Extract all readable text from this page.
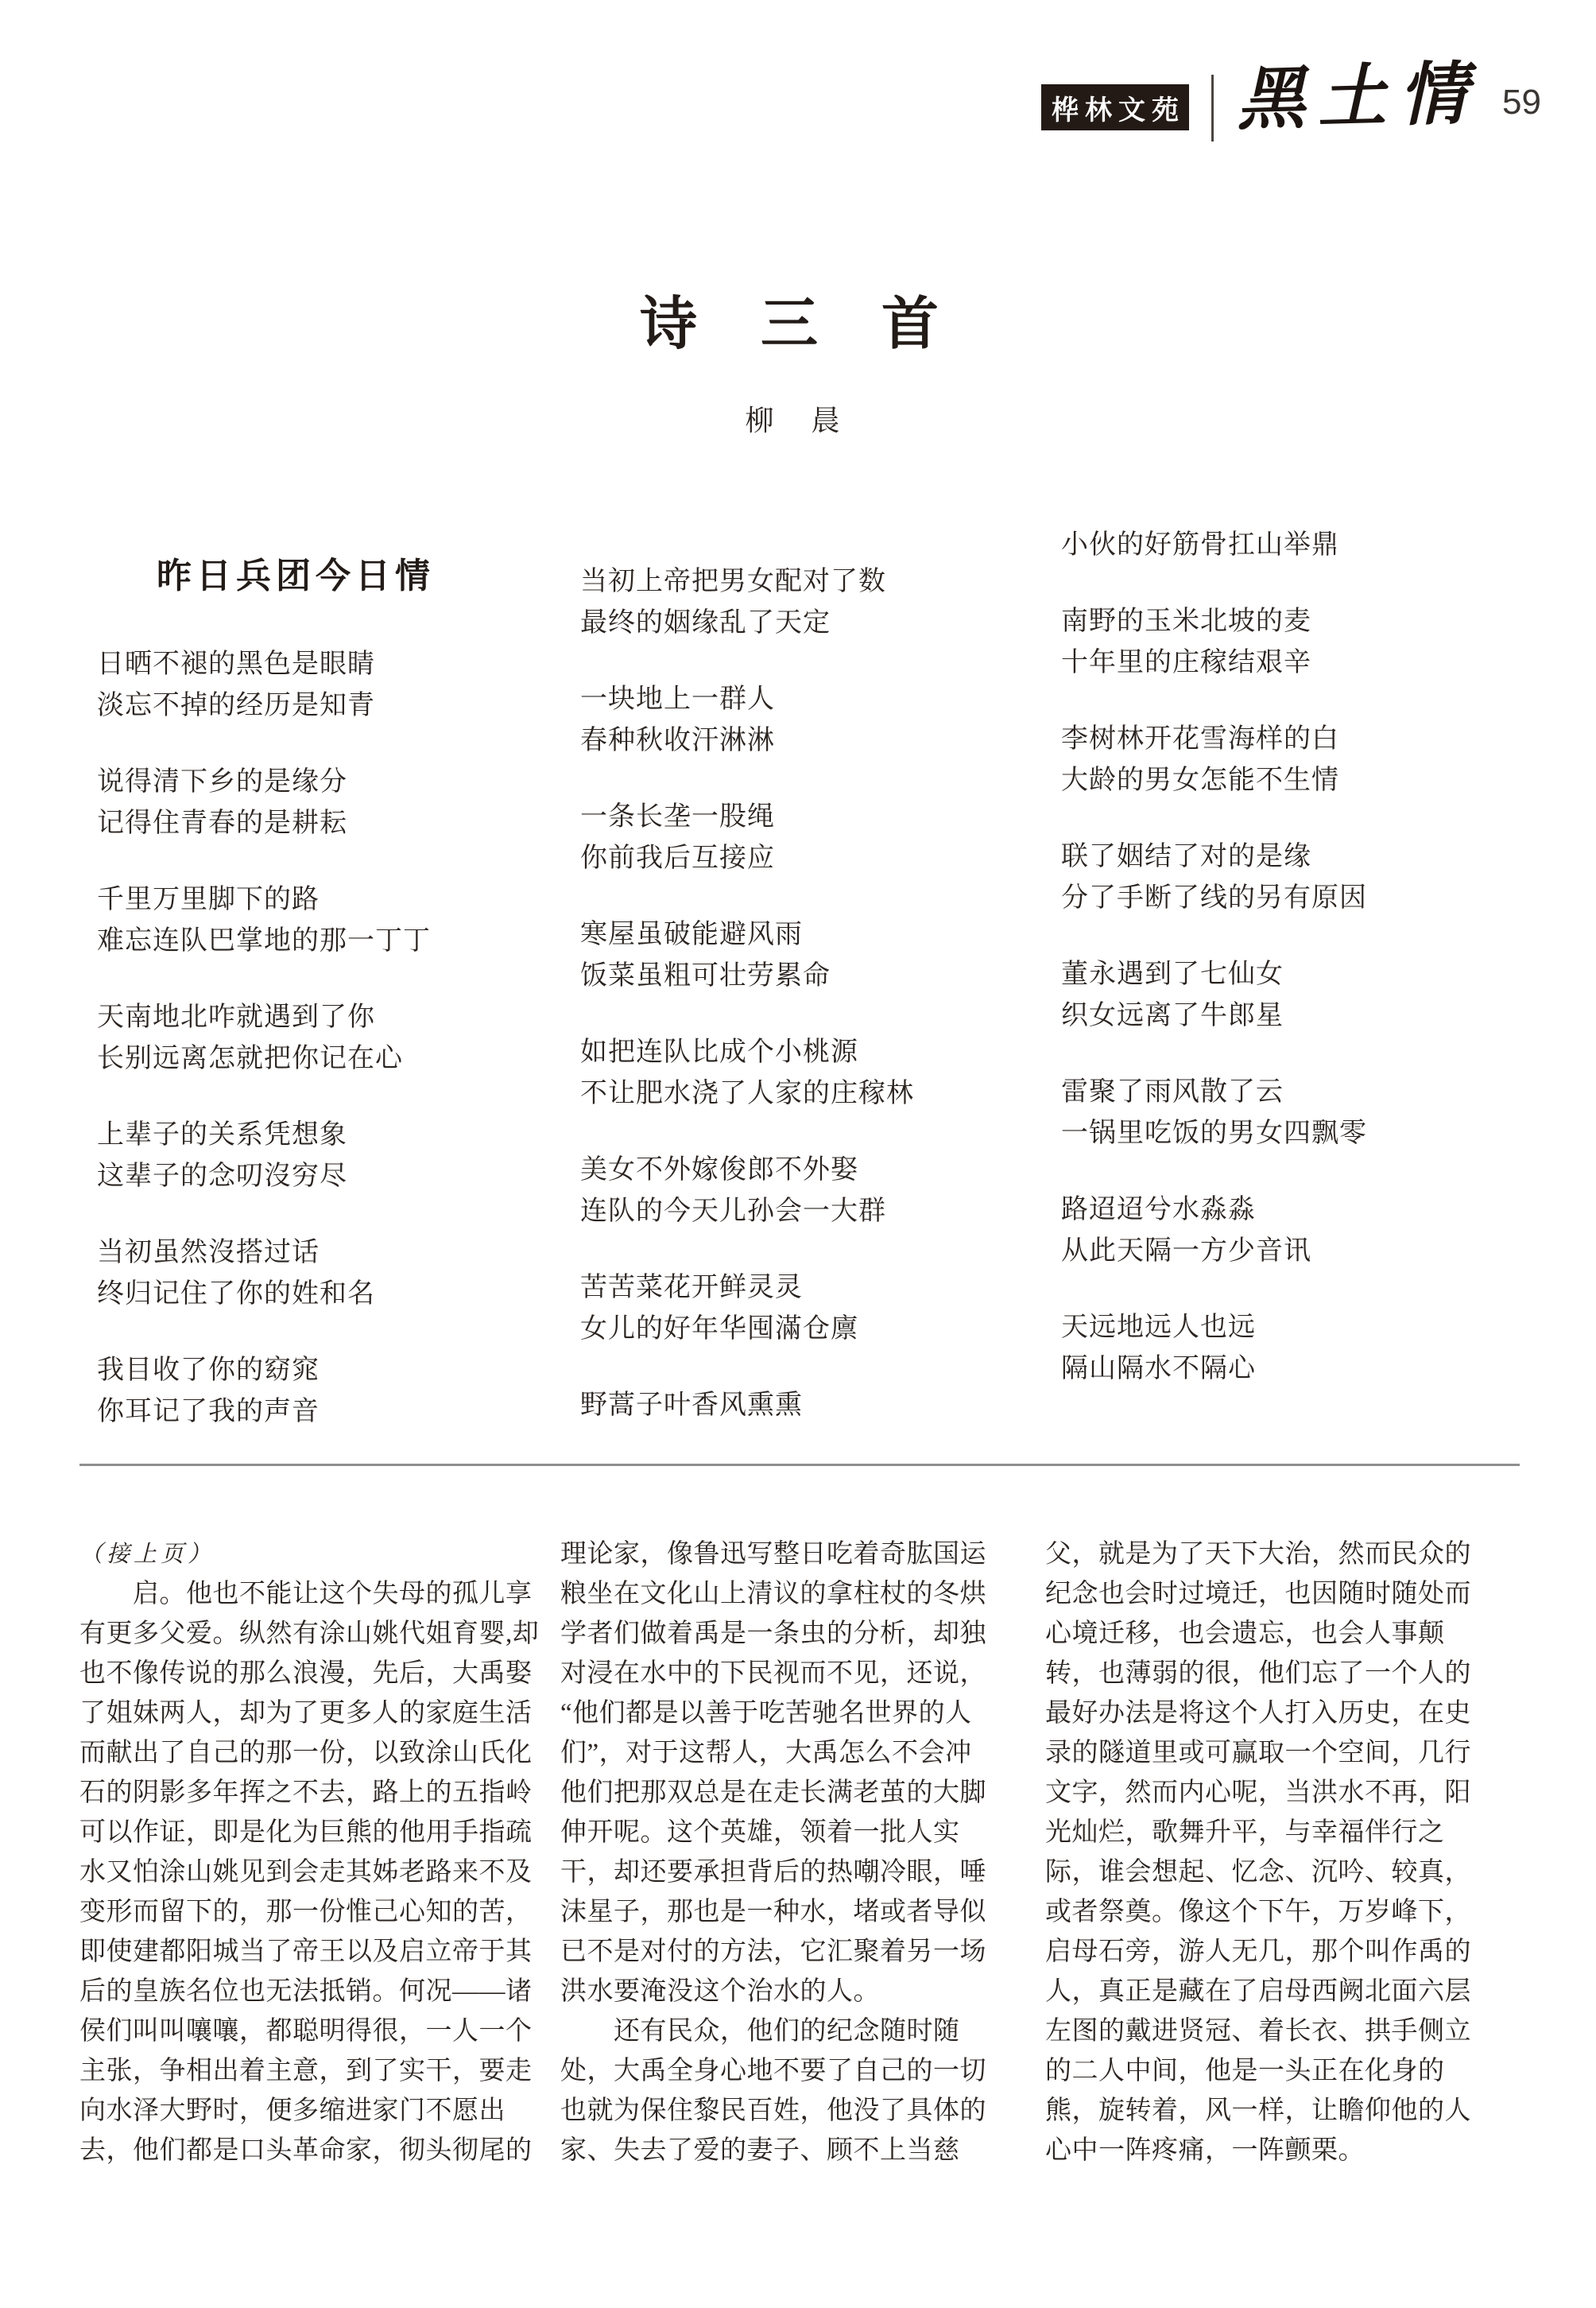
桦林文苑 黑土情 59
诗 三 首
柳 晨
昨日兵团今日情
日晒不褪的黑色是眼睛
淡忘不掉的经历是知青
说得清下乡的是缘分
记得住青春的是耕耘
千里万里脚下的路
难忘连队巴掌地的那一丁丁
天南地北咋就遇到了你
长别远离怎就把你记在心
上辈子的关系凭想象
这辈子的念叨沒穷尽
当初虽然沒搭过话
终归记住了你的姓和名
我目收了你的窈窕
你耳记了我的声音
当初上帝把男女配对了数
最终的姻缘乱了天定
一块地上一群人
春种秋收汗淋淋
一条长垄一股绳
你前我后互接应
寒屋虽破能避风雨
饭菜虽粗可壮劳累命
如把连队比成个小桃源
不让肥水浇了人家的庄稼林
美女不外嫁俊郎不外娶
连队的今天儿孙会一大群
苦苦菜花开鲜灵灵
女儿的好年华囤滿仓廪
野蒿子叶香风熏熏
小伙的好筋骨扛山举鼎
南野的玉米北坡的麦
十年里的庄稼结艰辛
李树林开花雪海样的白
大龄的男女怎能不生情
联了姻结了对的是缘
分了手断了线的另有原因
董永遇到了七仙女
织女远离了牛郎星
雷聚了雨风散了云
一锅里吃饭的男女四飘零
路迢迢兮水淼淼
从此天隔一方少音讯
天远地远人也远
隔山隔水不隔心
（接上页）
　　启。他也不能让这个失母的孤儿享
有更多父爱。纵然有涂山姚代姐育婴,却
也不像传说的那么浪漫，先后，大禹娶
了姐妹两人，却为了更多人的家庭生活
而献出了自己的那一份，以致涂山氏化
石的阴影多年挥之不去，路上的五指岭
可以作证，即是化为巨熊的他用手指疏
水又怕涂山姚见到会走其姊老路来不及
变形而留下的，那一份惟己心知的苦，
即使建都阳城当了帝王以及启立帝于其
后的皇族名位也无法抵销。何况——诸
侯们叫叫嚷嚷，都聪明得很，一人一个
主张，争相出着主意，到了实干，要走
向水泽大野时，便多缩进家门不愿出
去，他们都是口头革命家，彻头彻尾的
理论家，像鲁迅写整日吃着奇肱国运
粮坐在文化山上清议的拿柱杖的冬烘
学者们做着禹是一条虫的分析，却独
对浸在水中的下民视而不见，还说，
“他们都是以善于吃苦驰名世界的人
们”，对于这帮人，大禹怎么不会冲
他们把那双总是在走长满老茧的大脚
伸开呢。这个英雄，领着一批人实
干，却还要承担背后的热嘲冷眼，唾
沫星子，那也是一种水，堵或者导似
已不是对付的方法，它汇聚着另一场
洪水要淹没这个治水的人。
　　还有民众，他们的纪念随时随
处，大禹全身心地不要了自己的一切
也就为保住黎民百姓，他没了具体的
家、失去了爱的妻子、顾不上当慈
父，就是为了天下大治，然而民众的
纪念也会时过境迁，也因随时随处而
心境迁移，也会遗忘，也会人事颠
转，也薄弱的很，他们忘了一个人的
最好办法是将这个人打入历史，在史
录的隧道里或可赢取一个空间，几行
文字，然而内心呢，当洪水不再，阳
光灿烂，歌舞升平，与幸福伴行之
际，谁会想起、忆念、沉吟、较真，
或者祭奠。像这个下午，万岁峰下，
启母石旁，游人无几，那个叫作禹的
人，真正是藏在了启母西阙北面六层
左图的戴进贤冠、着长衣、拱手侧立
的二人中间，他是一头正在化身的
熊，旋转着，风一样，让瞻仰他的人
心中一阵疼痛，一阵颤栗。
